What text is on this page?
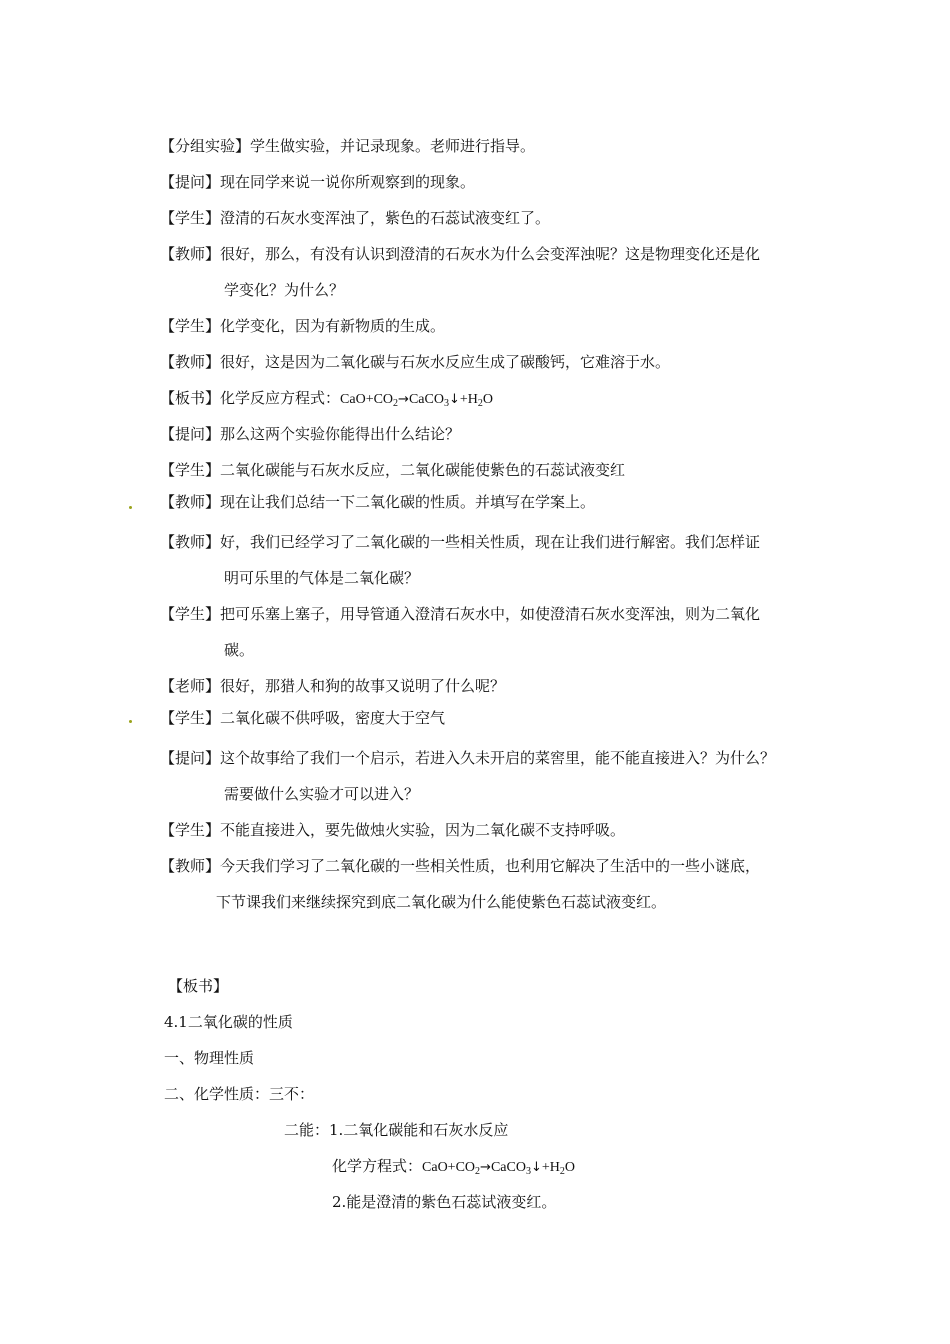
【分组实验】学生做实验，并记录现象。老师进行指导。
【提问】现在同学来说一说你所观察到的现象。
【学生】澄清的石灰水变浑浊了，紫色的石蕊试液变红了。
【教师】很好，那么，有没有认识到澄清的石灰水为什么会变浑浊呢？这是物理变化还是化
学变化？为什么？
【学生】化学变化，因为有新物质的生成。
【教师】很好，这是因为二氧化碳与石灰水反应生成了碳酸钙，它难溶于水。
【板书】化学反应方程式：$CaO+CO_2\to CaCO_3↓+H_2O$
【提问】那么这两个实验你能得出什么结论？
【学生】二氧化碳能与石灰水反应，二氧化碳能使紫色的石蕊试液变红
【教师】现在让我们总结一下二氧化碳的性质。并填写在学案上。
【教师】好，我们已经学习了二氧化碳的一些相关性质，现在让我们进行解密。我们怎样证
明可乐里的气体是二氧化碳？
【学生】把可乐塞上塞子，用导管通入澄清石灰水中，如使澄清石灰水变浑浊，则为二氧化
碳。
【老师】很好，那猎人和狗的故事又说明了什么呢？
【学生】二氧化碳不供呼吸，密度大于空气
【提问】这个故事给了我们一个启示，若进入久未开启的菜窖里，能不能直接进入？为什么？
需要做什么实验才可以进入？
【学生】不能直接进入，要先做烛火实验，因为二氧化碳不支持呼吸。
【教师】今天我们学习了二氧化碳的一些相关性质，也利用它解决了生活中的一些小谜底，
下节课我们来继续探究到底二氧化碳为什么能使紫色石蕊试液变红。
【板书】
4.1二氧化碳的性质
一、物理性质
二、化学性质：三不：
二能：1.二氧化碳能和石灰水反应
化学方程式：$CaO+CO_2\to CaCO_3↓+H_2O$
2.能是澄清的紫色石蕊试液变红。
